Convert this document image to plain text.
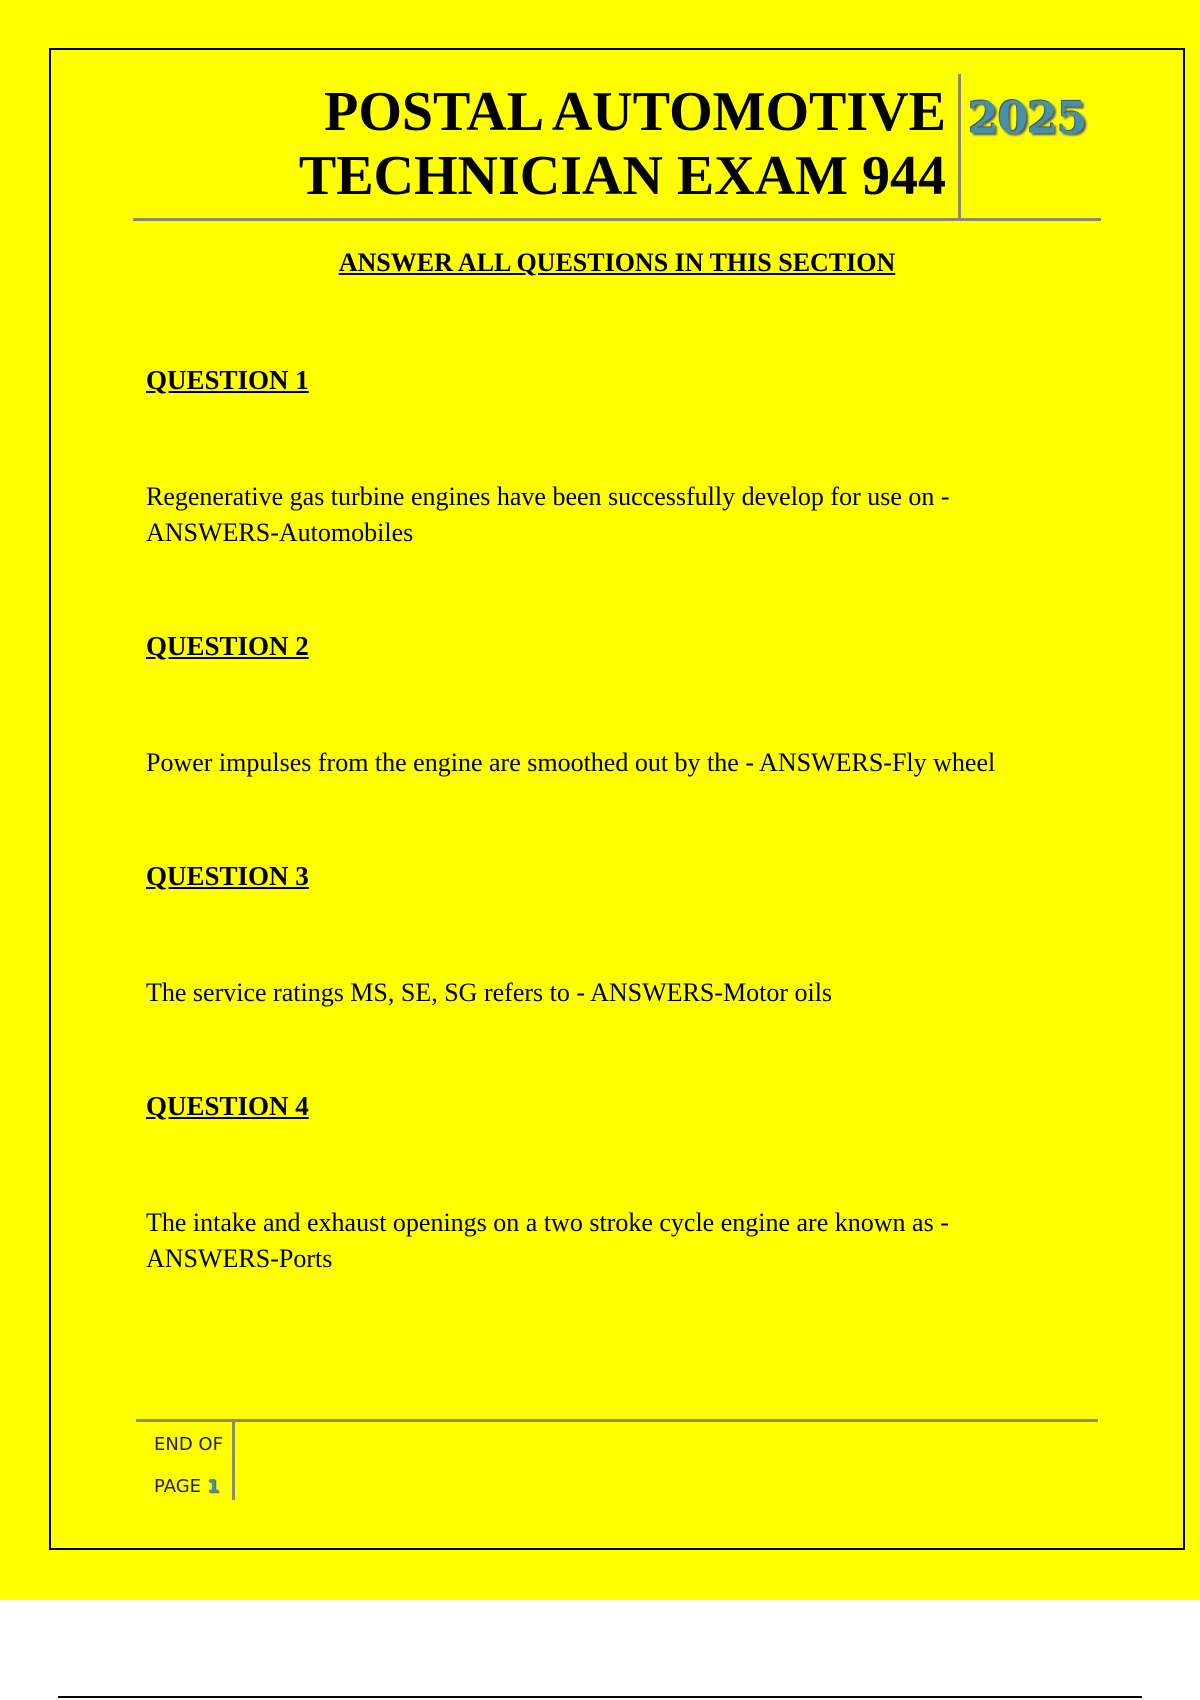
POSTAL AUTOMOTIVE
TECHNICIAN EXAM 944
2025
ANSWER ALL QUESTIONS IN THIS SECTION
QUESTION 1
Regenerative gas turbine engines have been successfully develop for use on - ANSWERS-Automobiles
QUESTION 2
Power impulses from the engine are smoothed out by the - ANSWERS-Fly wheel
QUESTION 3
The service ratings MS, SE, SG refers to - ANSWERS-Motor oils
QUESTION 4
The intake and exhaust openings on a two stroke cycle engine are known as - ANSWERS-Ports
END OF
PAGE 1
